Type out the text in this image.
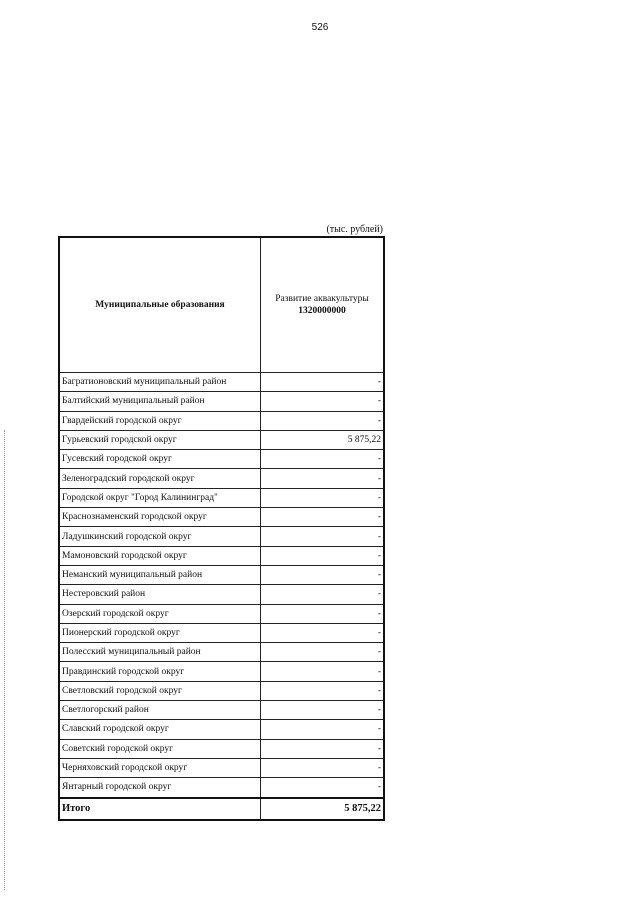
526
(тыс. рублей)
Муниципальные образования	Развитие аквакультуры
1320000000

Багратионовский муниципальный район	-
Балтийский муниципальный район	-
Гвардейский городской округ	-
Гурьевский городской округ	5 875,22
Гусевский городской округ	-
Зеленоградский городской округ	-
Городской округ "Город Калининград"	-
Краснознаменский городской округ	-
Ладушкинский городской округ	-
Мамоновский городской округ	-
Неманский муниципальный район	-
Нестеровский район	-
Озерский городской округ	-
Пионерский городской округ	-
Полесский муниципальный район	-
Правдинский городской округ	-
Светловский городской округ	-
Светлогорский район	-
Славский городской округ	-
Советский городской округ	-
Черняховский городской округ	-
Янтарный городской округ	-
Итого	5 875,22
